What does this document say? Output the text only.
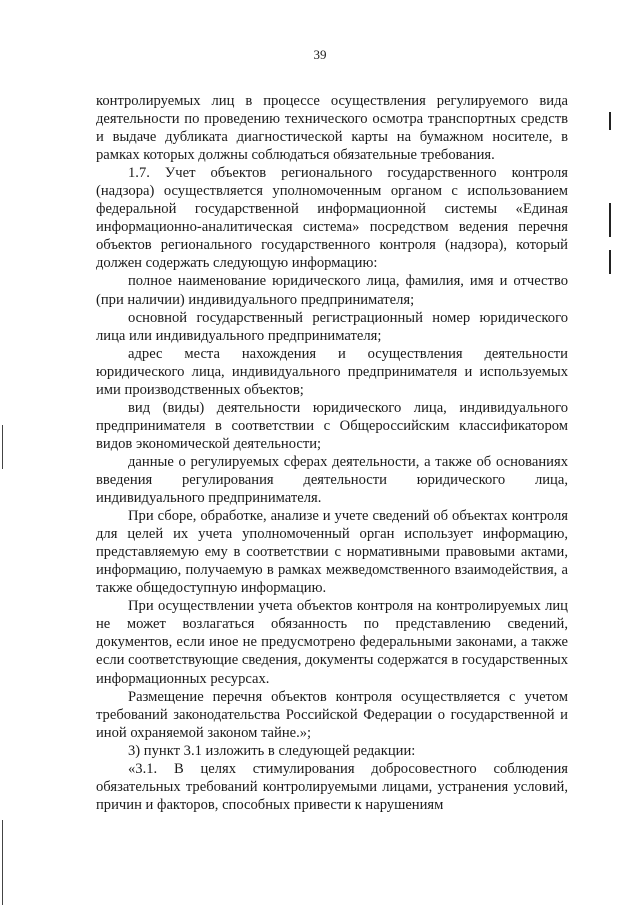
39

контролируемых лиц в процессе осуществления регулируемого вида деятельности по проведению технического осмотра транспортных средств и выдаче дубликата диагностической карты на бумажном носителе, в рамках которых должны соблюдаться обязательные требования.

1.7. Учет объектов регионального государственного контроля (надзора) осуществляется уполномоченным органом с использованием федеральной государственной информационной системы «Единая информационно-аналитическая система» посредством ведения перечня объектов регионального государственного контроля (надзора), который должен содержать следующую информацию:

полное наименование юридического лица, фамилия, имя и отчество (при наличии) индивидуального предпринимателя;

основной государственный регистрационный номер юридического лица или индивидуального предпринимателя;

адрес места нахождения и осуществления деятельности юридического лица, индивидуального предпринимателя и используемых ими производственных объектов;

вид (виды) деятельности юридического лица, индивидуального предпринимателя в соответствии с Общероссийским классификатором видов экономической деятельности;

данные о регулируемых сферах деятельности, а также об основаниях введения регулирования деятельности юридического лица, индивидуального предпринимателя.

При сборе, обработке, анализе и учете сведений об объектах контроля для целей их учета уполномоченный орган использует информацию, представляемую ему в соответствии с нормативными правовыми актами, информацию, получаемую в рамках межведомственного взаимодействия, а также общедоступную информацию.

При осуществлении учета объектов контроля на контролируемых лиц не может возлагаться обязанность по представлению сведений, документов, если иное не предусмотрено федеральными законами, а также если соответствующие сведения, документы содержатся в государственных информационных ресурсах.

Размещение перечня объектов контроля осуществляется с учетом требований законодательства Российской Федерации о государственной и иной охраняемой законом тайне.»;

3) пункт 3.1 изложить в следующей редакции:

«3.1. В целях стимулирования добросовестного соблюдения обязательных требований контролируемыми лицами, устранения условий, причин и факторов, способных привести к нарушениям
